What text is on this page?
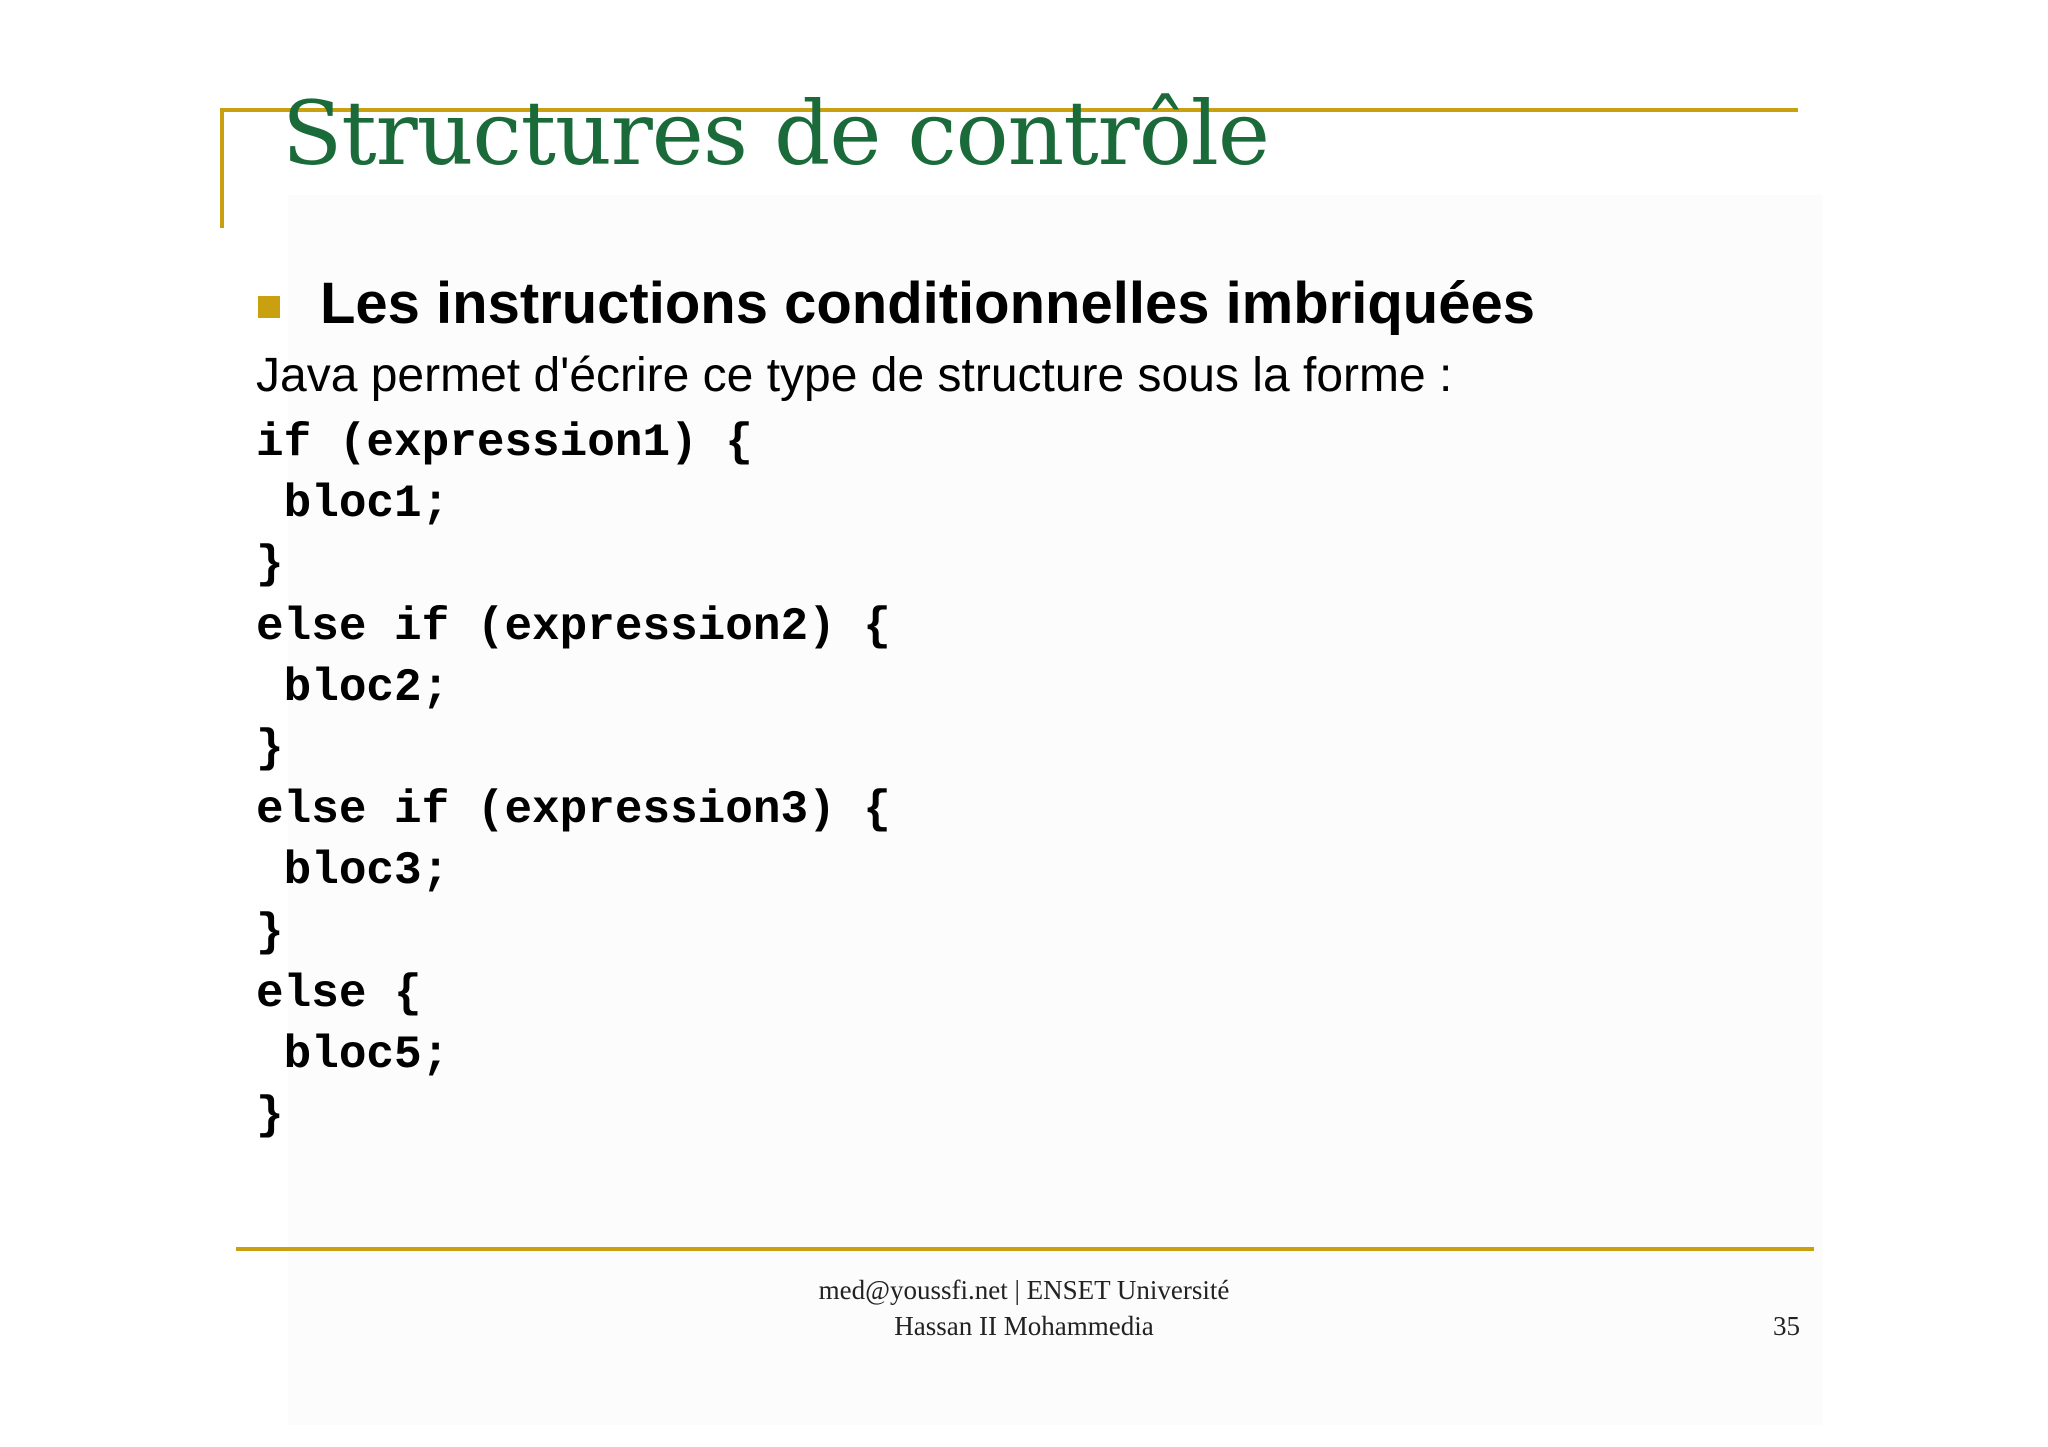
Structures de contrôle
Les instructions conditionnelles imbriquées

Java permet d'écrire ce type de structure sous la forme :

if (expression1) {
bloc1;
}
else if (expression2) {
bloc2;
}
else if (expression3) {
bloc3;
}
else {
bloc5;
}
med@youssfi.net | ENSET Université
Hassan II Mohammedia	35
